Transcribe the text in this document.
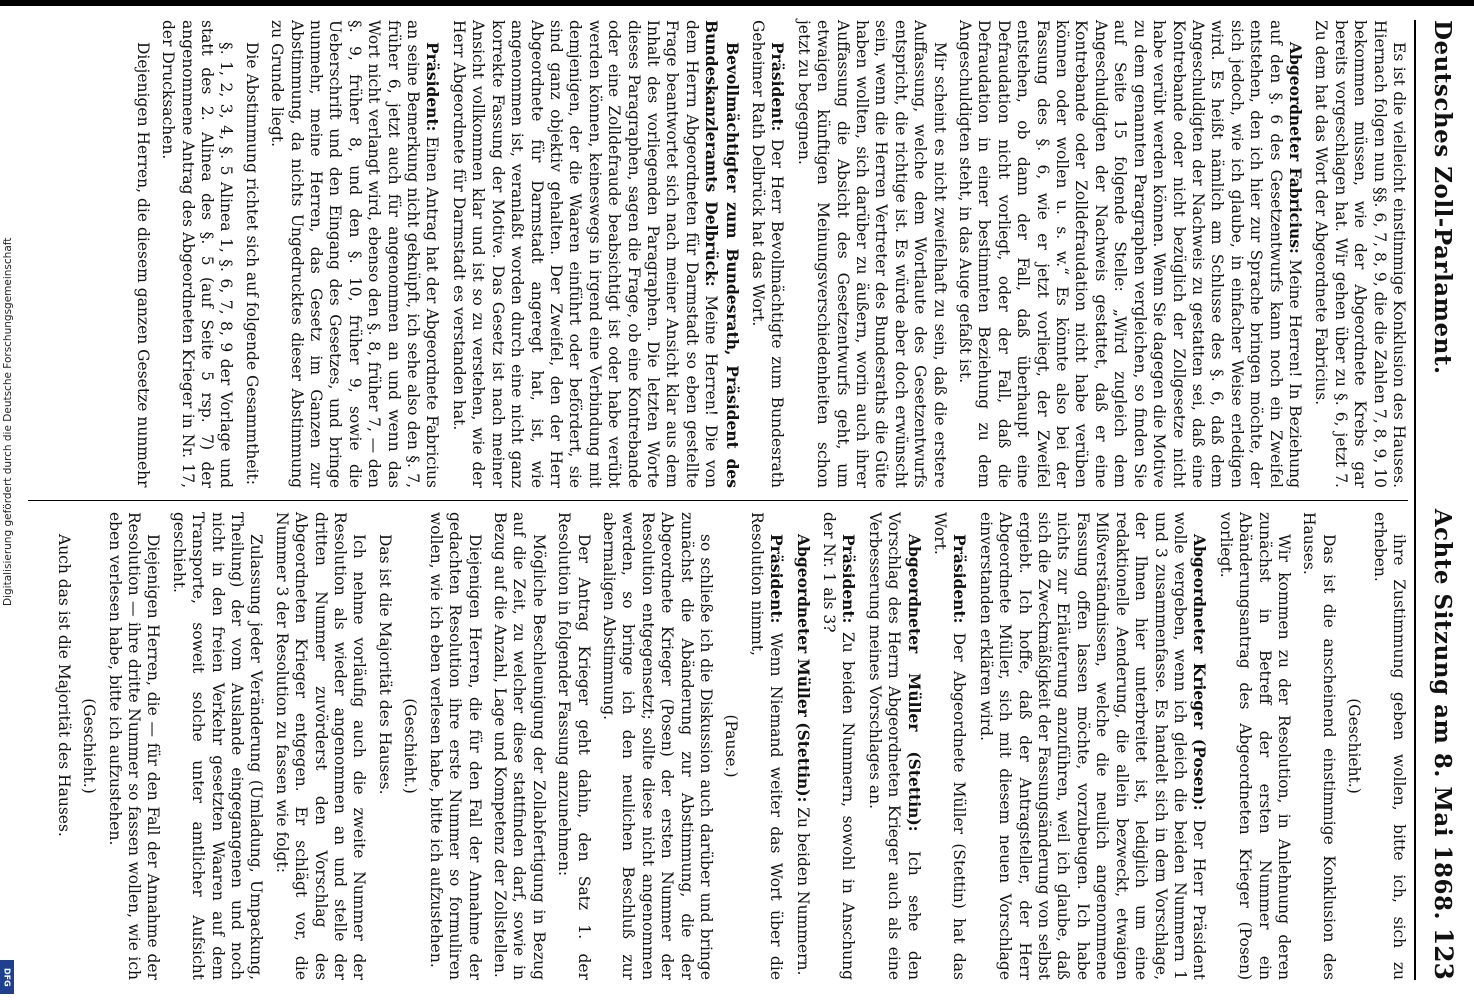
Deutsches Zoll-Parlament.
Achte Sitzung am 8. Mai 1868.
123

Es ist die vielleicht einstimmige Konklusion des Hauses. Hiernach folgen nun §§. 6, 7, 8, 9, die die Zahlen 7, 8, 9, 10 bekommen müssen, wie der Abgeordnete Krebs gar bereits vorgeschlagen hat. Wir gehen über zu §. 6, jetzt 7. Zu dem hat das Wort der Abgeordnete Fabricius.

Abgeordneter Fabricius: Meine Herren! In Beziehung auf den §. 6 des Gesetzentwurfs kann noch ein Zweifel entstehen, den ich hier zur Sprache bringen möchte, der sich jedoch, wie ich glaube, in einfacher Weise erledigen wird. Es heißt nämlich am Schlusse des §. 6, daß dem Angeschuldigten der Nachweis zu gestatten sei, daß eine Kontrebande oder nicht bezüglich der Zollgesetze nicht habe verübt werden können. Wenn Sie dagegen die Motive zu dem genannten Paragraphen vergleichen, so finden Sie auf Seite 15 folgende Stelle: „Wird zugleich dem Angeschuldigten der Nachweis gestattet, daß er eine Kontrebande oder Zolldefraudation nicht habe verüben können oder wollen u. s. w.“ Es könnte also bei der Fassung des §. 6, wie er jetzt vorliegt, der Zweifel entstehen, ob dann der Fall, daß überhaupt eine Defraudation nicht vorliegt, oder der Fall, daß die Defraudation in einer bestimmten Beziehung zu dem Angeschuldigten steht, in das Auge gefaßt ist.

Mir scheint es nicht zweifelhaft zu sein, daß die erstere Auffassung, welche dem Wortlaute des Gesetzentwurfs entspricht, die richtige ist. Es würde aber doch erwünscht sein, wenn die Herren Vertreter des Bundesraths die Güte haben wollten, sich darüber zu äußern, worin auch ihrer Auffassung die Absicht des Gesetzentwurfs geht, um etwaigen künftigen Meinungsverschiedenheiten schon jetzt zu begegnen.

Präsident: Der Herr Bevollmächtigte zum Bundesrath Geheimer Rath Delbrück hat das Wort.

Bevollmächtigter zum Bundesrath, Präsident des Bundeskanzleramts Delbrück: Meine Herren! Die von dem Herrn Abgeordneten für Darmstadt so eben gestellte Frage beantwortet sich nach meiner Ansicht klar aus dem Inhalt des vorliegenden Paragraphen. Die letzten Worte dieses Paragraphen, sagen die Frage, ob eine Kontrebande oder eine Zolldefraude beabsichtigt ist oder habe verübt werden können, keineswegs in irgend eine Verbindung mit demjenigen, der die Waaren einführt oder befördert, sie sind ganz objektiv gehalten. Der Zweifel, den der Herr Abgeordnete für Darmstadt angeregt hat, ist, wie angenommen ist, veranlaßt worden durch eine nicht ganz korrekte Fassung der Motive. Das Gesetz ist nach meiner Ansicht vollkommen klar und ist so zu verstehen, wie der Herr Abgeordnete für Darmstadt es verstanden hat.

Präsident: Einen Antrag hat der Abgeordnete Fabricius an seine Bemerkung nicht geknüpft, ich sehe also den §. 7, früher 6, jetzt auch für angenommen an und wenn das Wort nicht verlangt wird, ebenso den §. 8, früher 7, — den §. 9, früher 8, und den §. 10, früher 9, sowie die Ueberschrift und den Eingang des Gesetzes, und bringe nunmehr, meine Herren, das Gesetz im Ganzen zur Abstimmung, da nichts Ungedrucktes dieser Abstimmung zu Grunde liegt.

Die Abstimmung richtet sich auf folgende Gesammtheit:

§. 1, 2, 3, 4, §. 5 Alinea 1, §. 6, 7, 8, 9 der Vorlage und statt des 2. Alinea des §. 5 (auf Seite 5 rsp. 7) der angenommene Antrag des Abgeordneten Krieger in Nr. 17, der Drucksachen.

Diejenigen Herren, die diesem ganzen Gesetze nunmehr

ihre Zustimmung geben wollen, bitte ich, sich zu erheben.

(Geschieht.)

Das ist die anscheinend einstimmige Konklusion des Hauses.

Wir kommen zu der Resolution, in Anlehnung deren zunächst in Betreff der ersten Nummer ein Abänderungsantrag des Abgeordneten Krieger (Posen) vorliegt.

Abgeordneter Krieger (Posen): Der Herr Präsident wolle vergeben, wenn ich gleich die beiden Nummern 1 und 3 zusammenfasse. Es handelt sich in dem Vorschlage, der Ihnen hier unterbreitet ist, lediglich um eine redaktionelle Aenderung, die allein bezweckt, etwaigen Mißverständnissen, welche die neulich angenommene Fassung offen lassen möchte, vorzubeugen. Ich habe nichts zur Erläuterung anzuführen, weil ich glaube, daß sich die Zweckmäßigkeit der Fassungsänderung von selbst ergiebt. Ich hoffe, daß der Antragsteller, der Herr Abgeordnete Müller, sich mit diesem neuen Vorschlage einverstanden erklären wird.

Präsident: Der Abgeordnete Müller (Stettin) hat das Wort.

Abgeordneter Müller (Stettin): Ich sehe den Vorschlag des Herrn Abgeordneten Krieger auch als eine Verbesserung meines Vorschlages an.

Präsident: Zu beiden Nummern, sowohl in Anschung der Nr. 1 als 3?

Abgeordneter Müller (Stettin): Zu beiden Nummern.

Präsident: Wenn Niemand weiter das Wort über die Resolution nimmt,

(Pause.)

so schließe ich die Diskussion auch darüber und bringe zunächst die Abänderung zur Abstimmung, die der Abgeordnete Krieger (Posen) der ersten Nummer der Resolution entgegensetzt; sollte diese nicht angenommen werden, so bringe ich den neulichen Beschluß zur abermaligen Abstimmung.

Der Antrag Krieger geht dahin, den Satz 1. der Resolution in folgender Fassung anzunehmen:

Mögliche Beschleunigung der Zollabfertigung in Bezug auf die Zeit, zu welcher diese stattfinden darf, sowie in Bezug auf die Anzahl, Lage und Kompetenz der Zollstellen.

Diejenigen Herren, die für den Fall der Annahme der gedachten Resolution ihre erste Nummer so formuliren wollen, wie ich eben verlesen habe, bitte ich aufzustehen.

(Geschieht.)

Das ist die Majorität des Hauses.

Ich nehme vorläufig auch die zweite Nummer der Resolution als wieder angenommen an und stelle der dritten Nummer zuvörderst den Vorschlag des Abgeordneten Krieger entgegen. Er schlägt vor, die Nummer 3 der Resolution zu fassen wie folgt:

Zulassung jeder Veränderung (Umladung, Umpackung, Theilung) der vom Auslande eingegangenen und noch nicht in den freien Verkehr gesetzten Waaren auf dem Transporte, soweit solche unter amtlicher Aufsicht geschieht.

Diejenigen Herren, die — für den Fall der Annahme der Resolution — ihre dritte Nummer so fassen wollen, wie ich eben verlesen habe, bitte ich aufzustehen.

(Geschieht.)

Auch das ist die Majorität des Hauses.

Digitalisierung gefördert durch die Deutsche Forschungsgemeinschaft
DFG
